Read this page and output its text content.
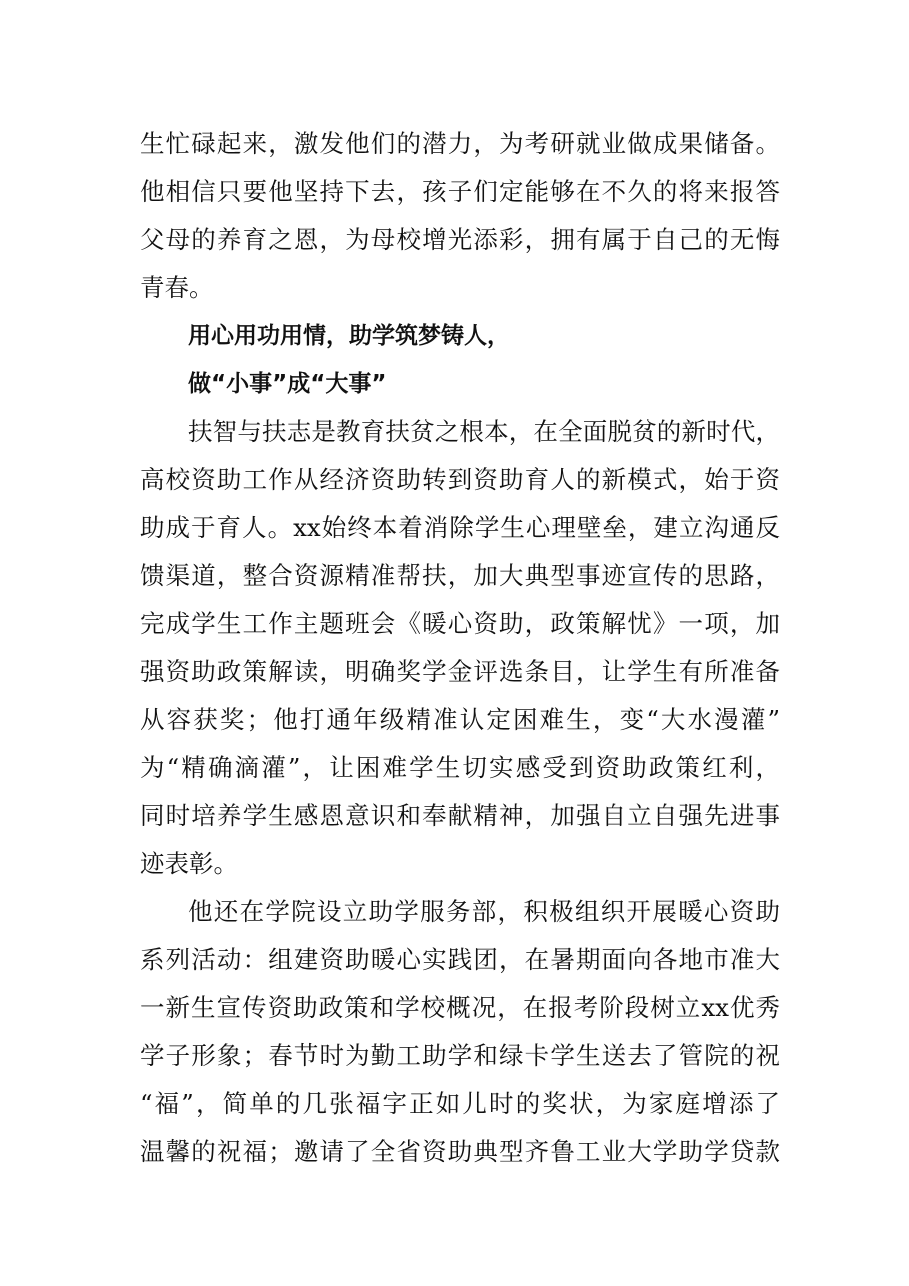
生忙碌起来，激发他们的潜力，为考研就业做成果储备。
他相信只要他坚持下去，孩子们定能够在不久的将来报答
父母的养育之恩，为母校增光添彩，拥有属于自己的无悔
青春。
用心用功用情，助学筑梦铸人，
做“小事”成“大事”
扶智与扶志是教育扶贫之根本，在全面脱贫的新时代，
高校资助工作从经济资助转到资助育人的新模式，始于资
助成于育人。xx始终本着消除学生心理壁垒，建立沟通反
馈渠道，整合资源精准帮扶，加大典型事迹宣传的思路，
完成学生工作主题班会《暖心资助，政策解忧》一项，加
强资助政策解读，明确奖学金评选条目，让学生有所准备
从容获奖；他打通年级精准认定困难生，变“大水漫灌”
为“精确滴灌”，让困难学生切实感受到资助政策红利，
同时培养学生感恩意识和奉献精神，加强自立自强先进事
迹表彰。
他还在学院设立助学服务部，积极组织开展暖心资助
系列活动：组建资助暖心实践团，在暑期面向各地市准大
一新生宣传资助政策和学校概况，在报考阶段树立xx优秀
学子形象；春节时为勤工助学和绿卡学生送去了管院的祝
“福”，简单的几张福字正如儿时的奖状，为家庭增添了
温馨的祝福；邀请了全省资助典型齐鲁工业大学助学贷款
